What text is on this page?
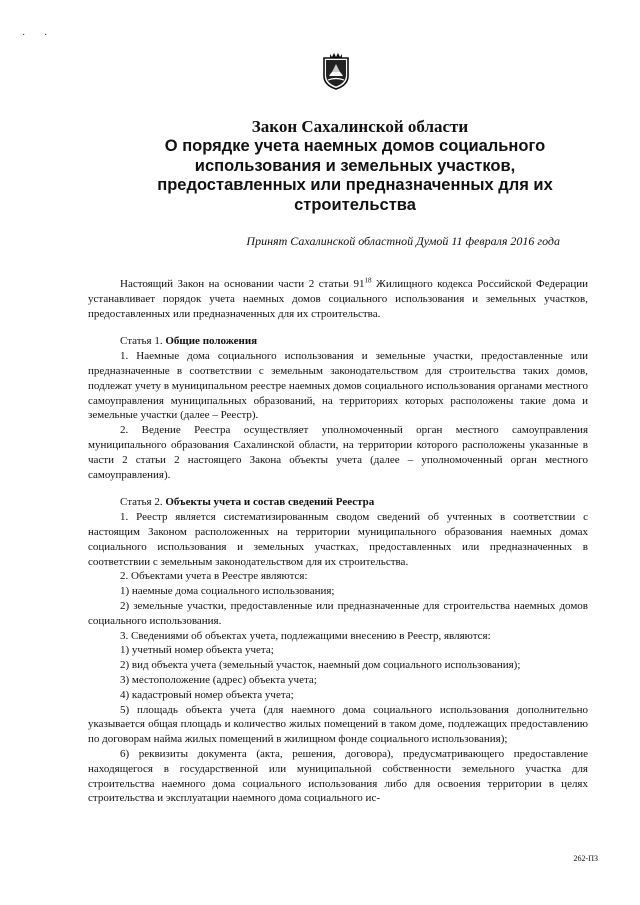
· ·
Закон Сахалинской области
О порядке учета наемных домов социального
использования и земельных участков,
предоставленных или предназначенных для их
строительства
Принят Сахалинской областной Думой 11 февраля 2016 года

Настоящий Закон на основании части 2 статьи $91^{18}$ Жилищного кодекса Российской Федерации устанавливает порядок учета наемных домов социального использования и земельных участков, предоставленных или предназначенных для их строительства.

Статья 1. Общие положения

1. Наемные дома социального использования и земельные участки, предоставленные или предназначенные в соответствии с земельным законодательством для строительства таких домов, подлежат учету в муниципальном реестре наемных домов социального использования органами местного самоуправления муниципальных образований, на территориях которых расположены такие дома и земельные участки (далее – Реестр).

2. Ведение Реестра осуществляет уполномоченный орган местного самоуправления муниципального образования Сахалинской области, на территории которого расположены указанные в части 2 статьи 2 настоящего Закона объекты учета (далее – уполномоченный орган местного самоуправления).

Статья 2. Объекты учета и состав сведений Реестра

1. Реестр является систематизированным сводом сведений об учтенных в соответствии с настоящим Законом расположенных на территории муниципального образования наемных домах социального использования и земельных участках, предоставленных или предназначенных в соответствии с земельным законодательством для их строительства.

2. Объектами учета в Реестре являются:

1) наемные дома социального использования;

2) земельные участки, предоставленные или предназначенные для строительства наемных домов социального использования.

3. Сведениями об объектах учета, подлежащими внесению в Реестр, являются:

1) учетный номер объекта учета;

2) вид объекта учета (земельный участок, наемный дом социального использования);

3) местоположение (адрес) объекта учета;

4) кадастровый номер объекта учета;

5) площадь объекта учета (для наемного дома социального использования дополнительно указывается общая площадь и количество жилых помещений в таком доме, подлежащих предоставлению по договорам найма жилых помещений в жилищном фонде социального использования);

6) реквизиты документа (акта, решения, договора), предусматривающего предоставление находящегося в государственной или муниципальной собственности земельного участка для строительства наемного дома социального использования либо для освоения территории в целях строительства и эксплуатации наемного дома социального ис-

262-ПЗ
